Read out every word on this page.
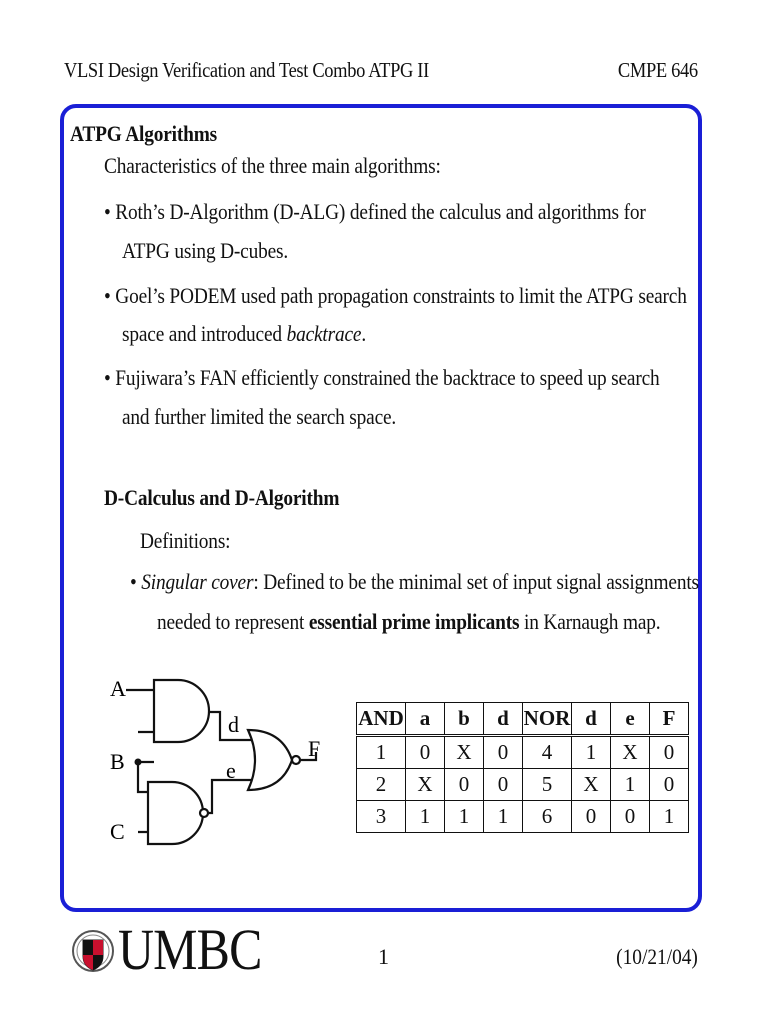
VLSI Design Verification and Test Combo ATPG II	CMPE 646
ATPG Algorithms
Characteristics of the three main algorithms:
• Roth’s D-Algorithm (D-ALG) defined the calculus and algorithms for
ATPG using D-cubes.
• Goel’s PODEM used path propagation constraints to limit the ATPG search
space and introduced backtrace.
• Fujiwara’s FAN efficiently constrained the backtrace to speed up search
and further limited the search space.
D-Calculus and D-Algorithm
Definitions:
• Singular cover: Defined to be the minimal set of input signal assignments
needed to represent essential prime implicants in Karnaugh map.
A
B
C
d
e
F
AND	a	b	d	NOR	d	e	F
1	0	X	0	4	1	X	0
2	X	0	0	5	X	1	0
3	1	1	1	6	0	0	1
UMBC	1	(10/21/04)
